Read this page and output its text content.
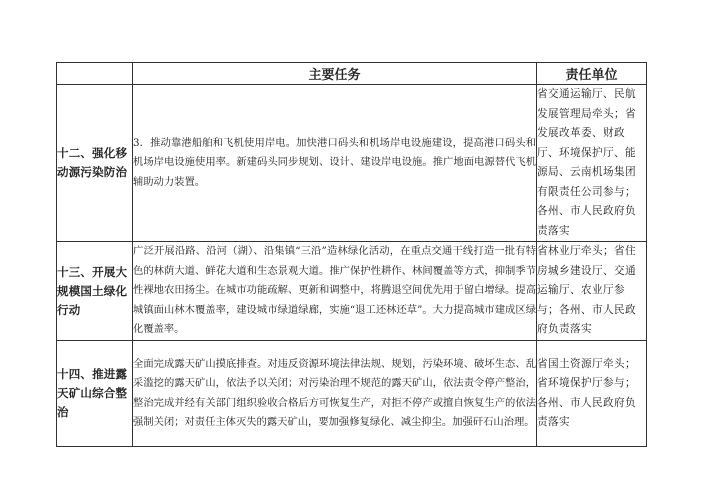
	主要任务	责任单位
十二、强化移动源污染防治	3．推动靠港船舶和飞机使用岸电。加快港口码头和机场岸电设施建设，提高港口码头和机场岸电设施使用率。新建码头同步规划、设计、建设岸电设施。推广地面电源替代飞机辅助动力装置。	省交通运输厅、民航发展管理局牵头；省发展改革委、财政厅、环境保护厅、能源局、云南机场集团有限责任公司参与；各州、市人民政府负责落实
十三、开展大规模国土绿化行动	广泛开展沿路、沿河（湖）、沿集镇“三沿”造林绿化活动，在重点交通干线打造一批有特色的林荫大道、鲜花大道和生态景观大道。推广保护性耕作、林间覆盖等方式，抑制季节性裸地农田扬尘。在城市功能疏解、更新和调整中，将腾退空间优先用于留白增绿。提高城镇面山林木覆盖率，建设城市绿道绿廊，实施“退工还林还草”。大力提高城市建成区绿化覆盖率。	省林业厅牵头；省住房城乡建设厅、交通运输厅、农业厅参与；各州、市人民政府负责落实
十四、推进露天矿山综合整治	全面完成露天矿山摸底排查。对违反资源环境法律法规、规划，污染环境、破坏生态、乱采滥挖的露天矿山，依法予以关闭；对污染治理不规范的露天矿山，依法责令停产整治，整治完成并经有关部门组织验收合格后方可恢复生产，对拒不停产或擅自恢复生产的依法强制关闭；对责任主体灭失的露天矿山，要加强修复绿化、减尘抑尘。加强矸石山治理。	省国土资源厅牵头；省环境保护厅参与；各州、市人民政府负责落实
